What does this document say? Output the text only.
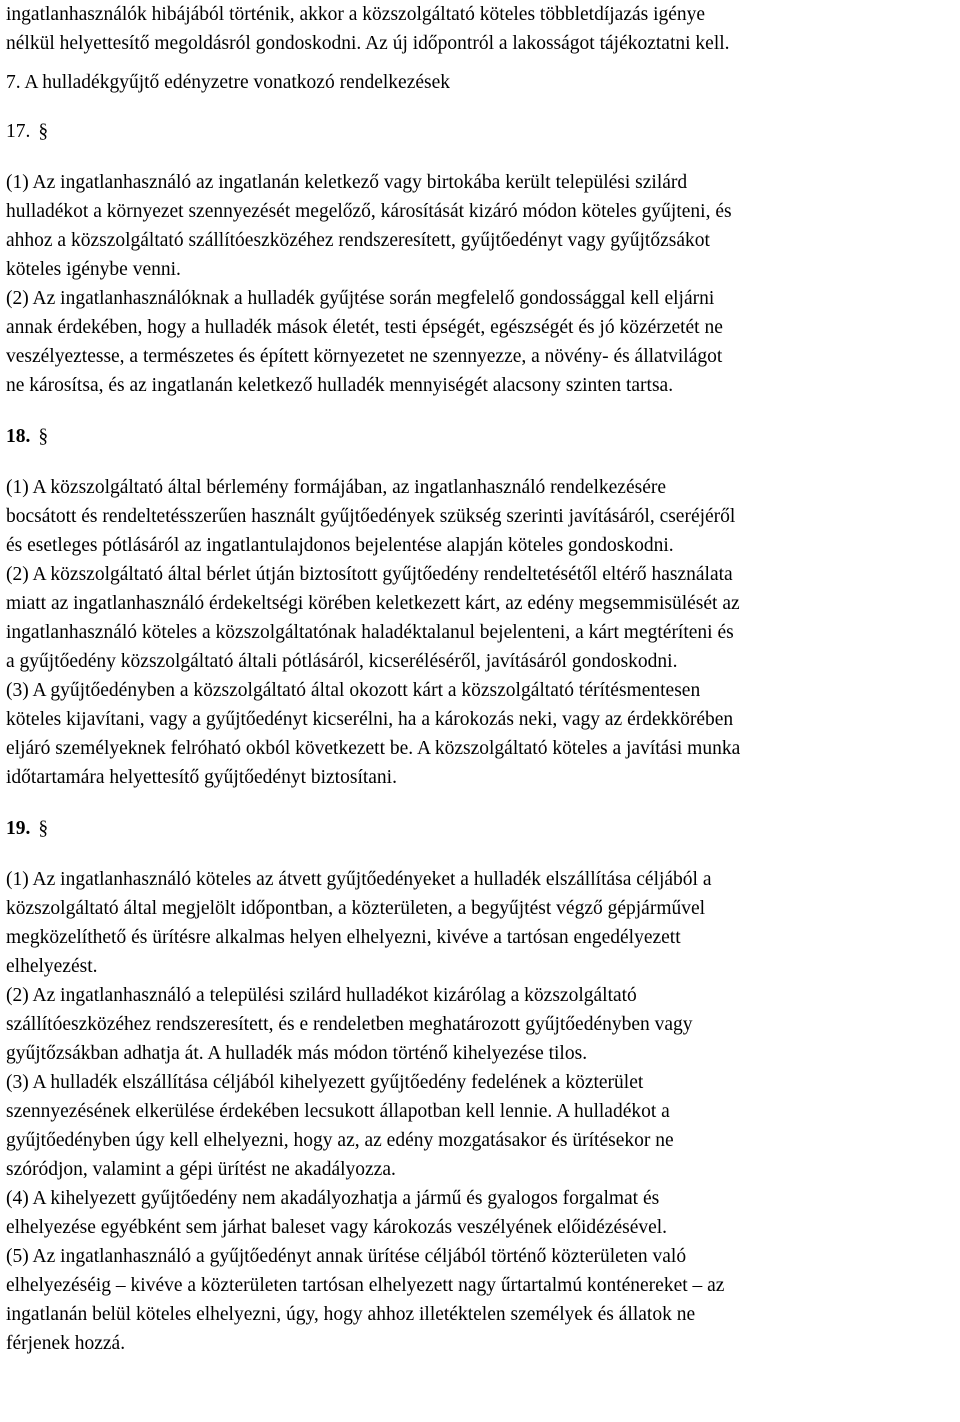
ingatlanhasználók hibájából történik, akkor a közszolgáltató köteles többletdíjazás igénye
nélkül helyettesítő megoldásról gondoskodni. Az új időpontról a lakosságot tájékoztatni kell.
7. A hulladékgyűjtő edényzetre vonatkozó rendelkezések
17. §
(1) Az ingatlanhasználó az ingatlanán keletkező vagy birtokába került települési szilárd
hulladékot a környezet szennyezését megelőző, károsítását kizáró módon köteles gyűjteni, és
ahhoz a közszolgáltató szállítóeszközéhez rendszeresített, gyűjtőedényt vagy gyűjtőzsákot
köteles igénybe venni.
(2) Az ingatlanhasználóknak a hulladék gyűjtése során megfelelő gondossággal kell eljárni
annak érdekében, hogy a hulladék mások életét, testi épségét, egészségét és jó közérzetét ne
veszélyeztesse, a természetes és épített környezetet ne szennyezze, a növény- és állatvilágot
ne károsítsa, és az ingatlanán keletkező hulladék mennyiségét alacsony szinten tartsa.
18. §
(1) A közszolgáltató által bérlemény formájában, az ingatlanhasználó rendelkezésére
bocsátott és rendeltetésszerűen használt gyűjtőedények szükség szerinti javításáról, cseréjéről
és esetleges pótlásáról az ingatlantulajdonos bejelentése alapján köteles gondoskodni.
(2) A közszolgáltató által bérlet útján biztosított gyűjtőedény rendeltetésétől eltérő használata
miatt az ingatlanhasználó érdekeltségi körében keletkezett kárt, az edény megsemmisülését az
ingatlanhasználó köteles a közszolgáltatónak haladéktalanul bejelenteni, a kárt megtéríteni és
a gyűjtőedény közszolgáltató általi pótlásáról, kicseréléséről, javításáról gondoskodni.
(3) A gyűjtőedényben a közszolgáltató által okozott kárt a közszolgáltató térítésmentesen
köteles kijavítani, vagy a gyűjtőedényt kicserélni, ha a károkozás neki, vagy az érdekkörében
eljáró személyeknek felróható okból következett be. A közszolgáltató köteles a javítási munka
időtartamára helyettesítő gyűjtőedényt biztosítani.
19. §
(1) Az ingatlanhasználó köteles az átvett gyűjtőedényeket a hulladék elszállítása céljából a
közszolgáltató által megjelölt időpontban, a közterületen, a begyűjtést végző gépjárművel
megközelíthető és ürítésre alkalmas helyen elhelyezni, kivéve a tartósan engedélyezett
elhelyezést.
(2) Az ingatlanhasználó a települési szilárd hulladékot kizárólag a közszolgáltató
szállítóeszközéhez rendszeresített, és e rendeletben meghatározott gyűjtőedényben vagy
gyűjtőzsákban adhatja át. A hulladék más módon történő kihelyezése tilos.
(3) A hulladék elszállítása céljából kihelyezett gyűjtőedény fedelének a közterület
szennyezésének elkerülése érdekében lecsukott állapotban kell lennie. A hulladékot a
gyűjtőedényben úgy kell elhelyezni, hogy az, az edény mozgatásakor és ürítésekor ne
szóródjon, valamint a gépi ürítést ne akadályozza.
(4) A kihelyezett gyűjtőedény nem akadályozhatja a jármű és gyalogos forgalmat és
elhelyezése egyébként sem járhat baleset vagy károkozás veszélyének előidézésével.
(5) Az ingatlanhasználó a gyűjtőedényt annak ürítése céljából történő közterületen való
elhelyezéséig – kivéve a közterületen tartósan elhelyezett nagy űrtartalmú konténereket – az
ingatlanán belül köteles elhelyezni, úgy, hogy ahhoz illetéktelen személyek és állatok ne
férjenek hozzá.
